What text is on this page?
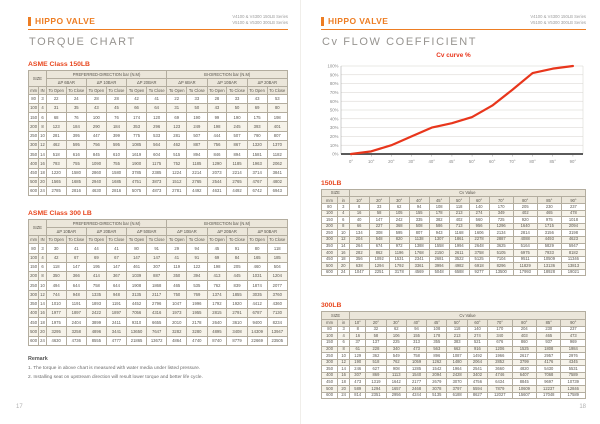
HIPPO VALVE	V4100 & V4300 150LB Series
V5100 & V5300 300LB Series
TORQUE CHART
ASME Class 150LB
SIZE		PREFERRED-DIRECTION bar (N.M)						BI-DIRECTION bar (N.M)					
		ΔP 6BAR		ΔP 10BAR		ΔP 20BAR		ΔP 6BAR		ΔP 10BAR		ΔP 20BAR	
mm	IN	To Open	To Close	To Open	To Close	To Open	To Close	To Open	To Close	To Open	To Close	To Open	To Close
80	3	22	24	28	28	42	41	22	33	28	33	43	53
100	4	31	35	43	45	66	64	31	50	43	50	69	80
150	6	68	76	100	76	174	120	69	190	99	190	175	198
200	8	123	184	290	184	353	296	123	249	198	245	393	401
250	10	281	395	447	399	775	533	281	507	444	507	790	807
300	12	462	595	756	595	1085	564	462	887	756	867	1320	1370
350	14	518	616	845	610	1619	604	515	894	846	894	1581	1182
400	16	793	755	1090	755	1900	1175	752	1185	1290	1185	1963	2062
450	18	1220	1580	2860	1580	3785	2385	1224	2214	2073	2214	3714	3841
500	20	1565	1685	2940	1685	4751	3873	1512	2765	2544	2765	4767	4802
600	24	2785	2816	4630	2816	5075	4873	2781	4492	4631	4492	6742	6943
ASME Class 300 LB
SIZE		PREFERRED-DIRECTION bar (N.M)						BI-DIRECTION bar (N.M)					
		ΔP 10BAR		ΔP 20BAR		ΔP 50BAR		ΔP 10BAR		ΔP 20BAR		ΔP 50BAR	
mm	IN	To Open	To Close	To Open	To Close	To Open	To Close	To Open	To Close	To Open	To Close	To Open	To Close
80	3	30	41	44	41	80	91	29	94	45	91	80	118
100	4	42	67	69	67	147	147	41	91	69	84	165	185
150	6	118	147	195	147	461	307	119	122	198	205	460	504
200	8	350	366	414	367	1039	887	350	394	413	445	1031	1204
250	10	494	644	758	644	1908	1868	465	535	762	839	1874	2077
300	12	744	948	1335	948	3135	2117	750	769	1374	1855	3035	3760
350	14	1010	1191	1893	1191	4452	2796	1047	1996	1792	1920	4412	4360
400	16	1977	1897	2422	1897	7056	4316	1973	1955	2815	2791	6787	7130
450	18	1975	2404	3899	2411	9310	6655	2010	2178	2640	3610	9400	8234
500	20	3295	3258	4896	3441	13650	7647	3282	3280	4895	3408	14309	13947
600	24	4630	4736	8555	4777	21865	13672	4864	4740	8740	8779	22669	23505
Remark
1. The torque in above chart is measured with water media under listed pressure.
2. Installing seat on upstream direction will result lower torque and better life cycle.
17
HIPPO VALVE	V4100 & V4300 150LB Series
V5100 & V5300 300LB Series
Cv FLOW COEFFICIENT
Cv curve %
0%
10%
20%
30%
40%
50%
60%
70%
80%
90%
100%
0°	10°	20°	30°	40°	45°	50°	60°	70°	80°	85°	90°
150LB
SIZE		Cv Value										
mm	in	10°	20°	30°	40°	45°	50°	60°	70°	80°	85°	90°
80	3	8	33	62	94	108	118	140	170	205	230	237
100	4	16	58	105	155	178	213	274	349	402	465	478
150	6	40	147	242	335	382	402	560	725	920	975	1018
200	8	66	227	368	508	586	713	956	1296	1640	1715	2094
250	10	134	308	595	807	943	1168	1606	2134	2814	3156	3198
300	12	204	548	820	1138	1307	1861	2278	2887	4088	4493	4623
350	14	264	674	972	1388	1558	1994	2648	3625	5164	5829	5947
400	16	282	862	1196	1768	2150	2611	3758	5105	6975	7933	8182
450	18	356	1092	1531	2341	2681	3522	5125	7104	9511	10509	11346
500	20	638	1294	1792	3361	3994	4982	6918	8296	11829	13136	13813
600	24	1047	2251	3178	4569	5048	6588	9277	13500	17993	18928	19021
300LB
SIZE		Cv Value										
mm	in	10°	20°	30°	40°	45°	50°	60°	70°	80°	85°	90°
80	3	8	32	62	94	108	118	140	170	204	230	237
100	4	16	58	106	155	178	213	274	340	403	465	473
150	6	37	137	225	313	355	383	521	676	860	937	969
200	8	61	228	340	473	563	662	916	1206	1525	1808	1984
250	10	129	362	549	758	896	1087	1492	1966	2617	2957	2976
300	12	190	518	762	1059	1262	1480	2064	2852	3799	4176	4345
350	14	246	627	908	1285	1542	1964	2541	3660	4820	5430	5531
400	16	307	869	1113	1540	2094	2428	3402	4746	6407	7068	7589
450	18	473	1319	1642	2177	2679	3070	4756	6434	8845	9697	10739
500	20	589	1294	1657	2468	3078	3797	5594	7879	10609	12237	12846
600	24	814	2351	2956	4244	5135	6188	8627	12027	15607	17048	17589
18
